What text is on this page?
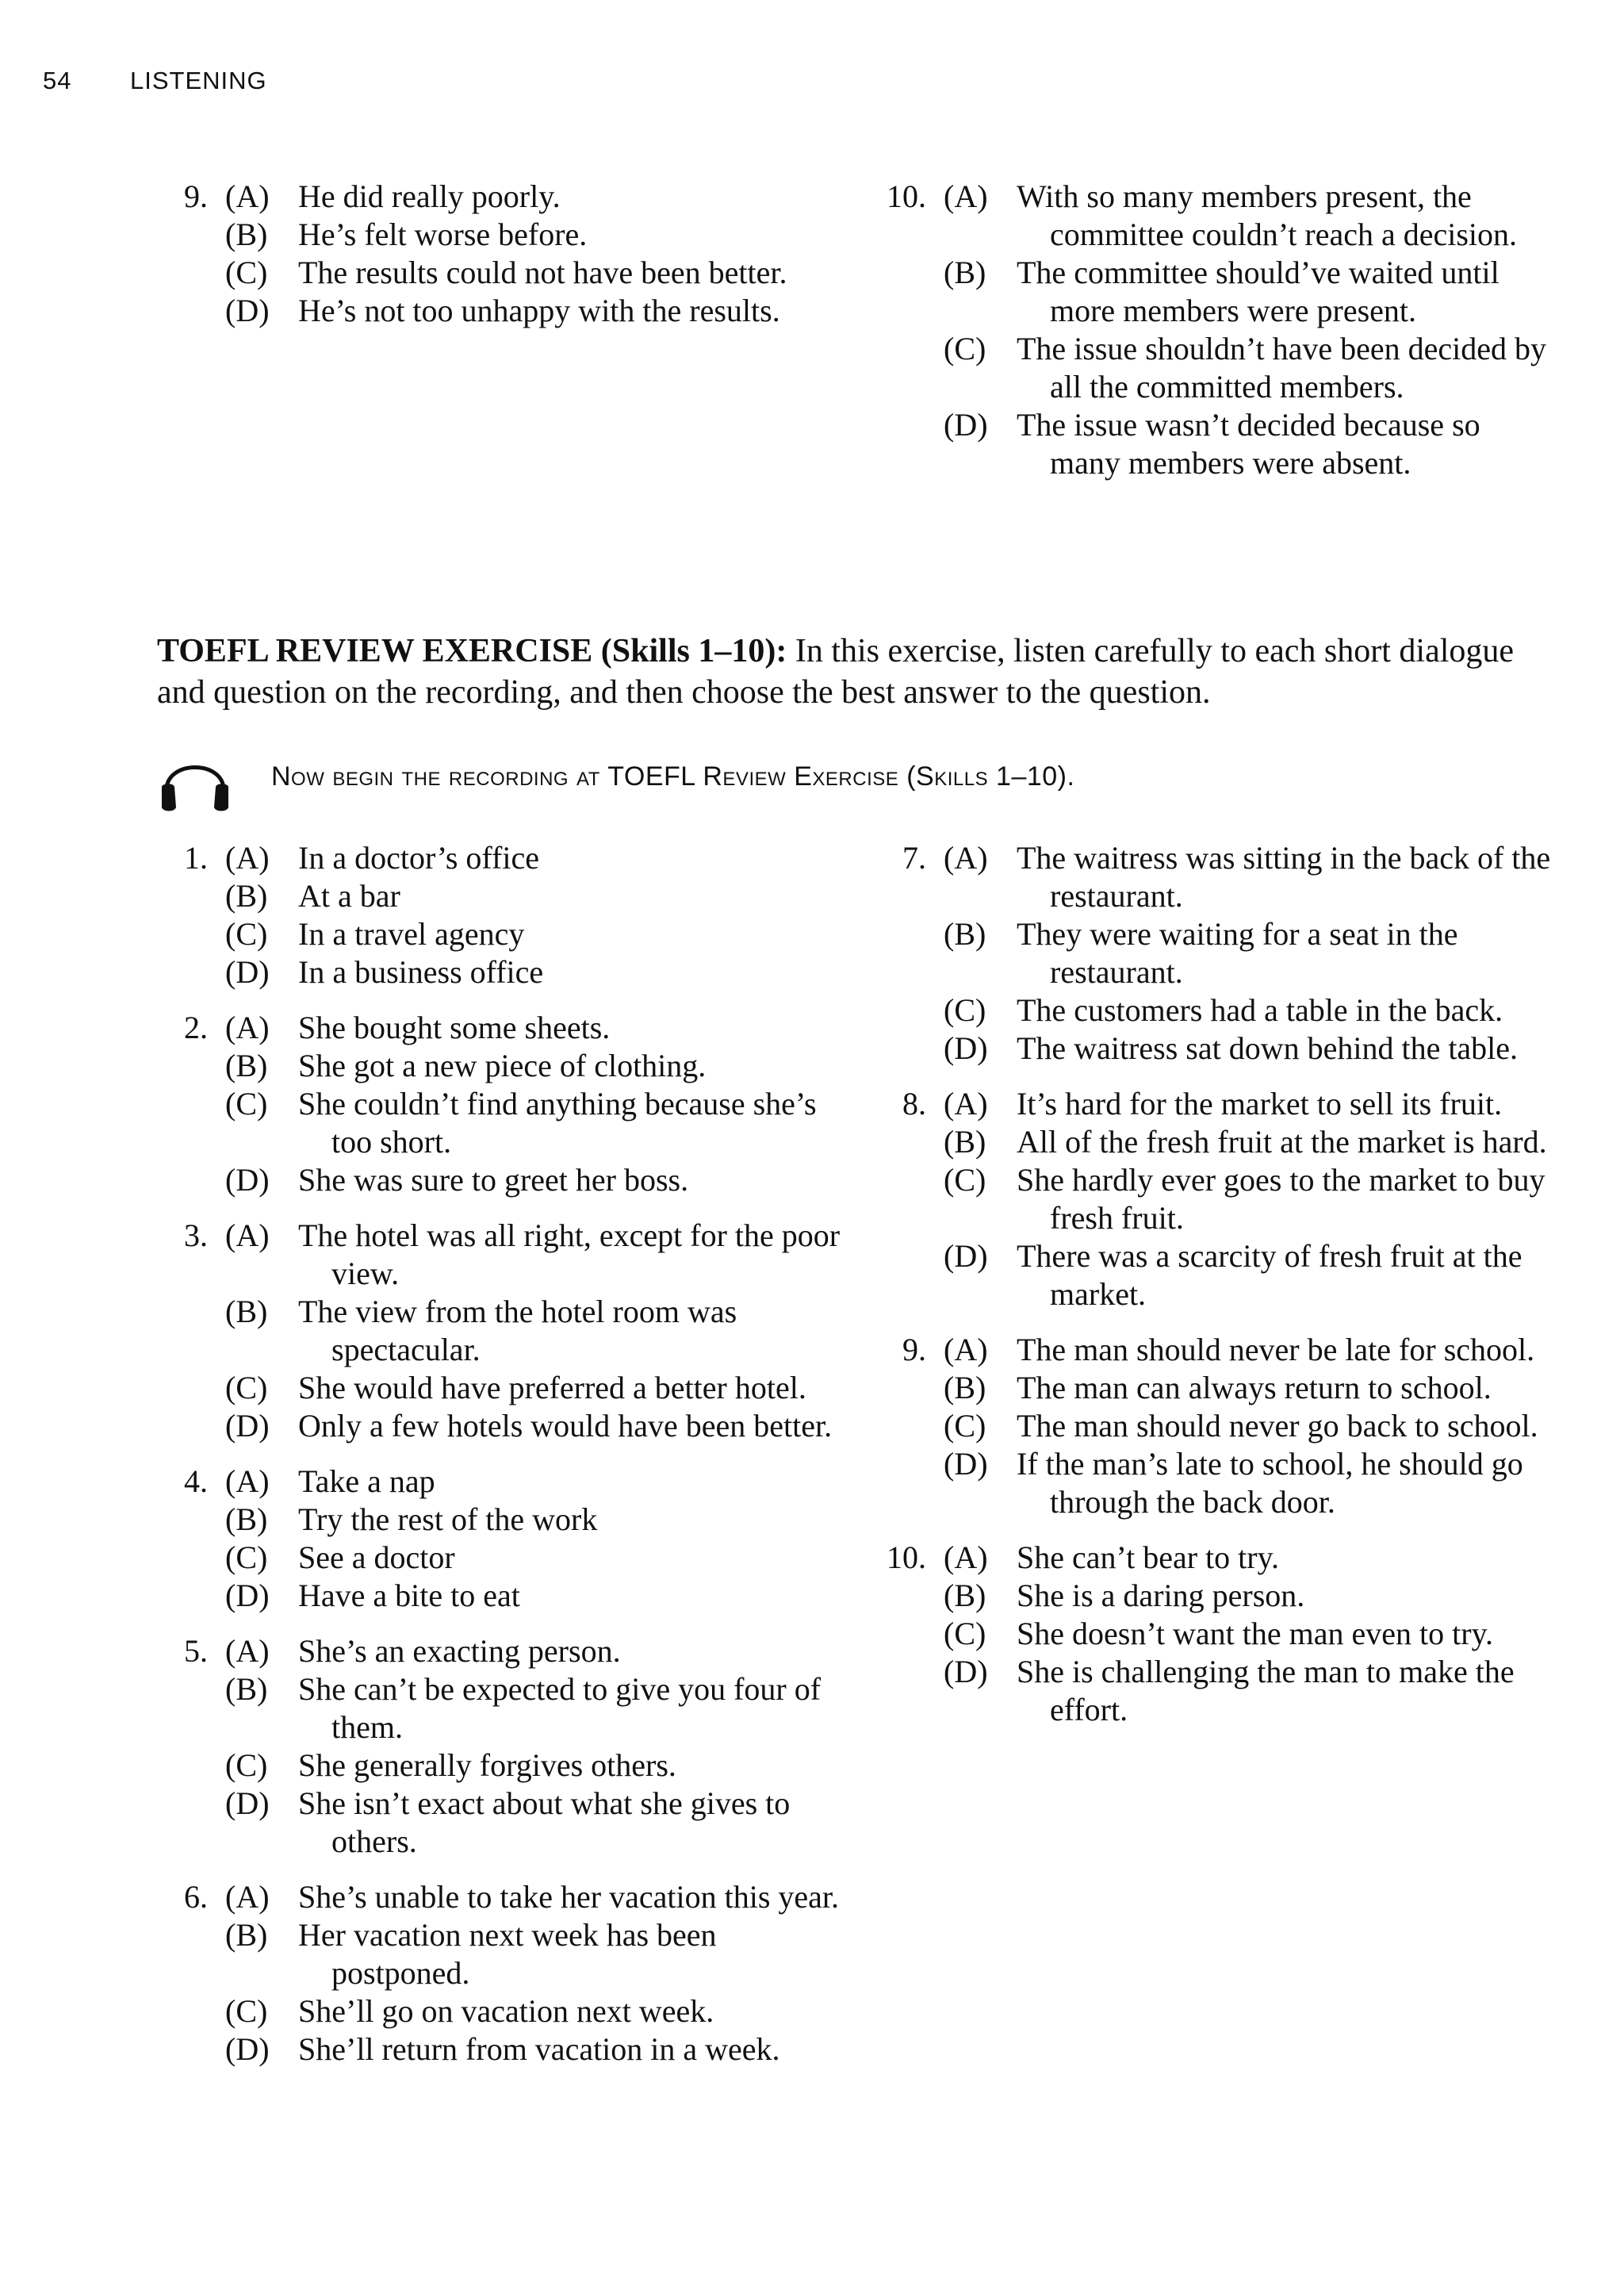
54 LISTENING
9. (A) He did really poorly.
(B) He’s felt worse before.
(C) The results could not have been better.
(D) He’s not too unhappy with the results.
10. (A) With so many members present, the committee couldn’t reach a decision.
(B) The committee should’ve waited until more members were present.
(C) The issue shouldn’t have been decided by all the committed members.
(D) The issue wasn’t decided because so many members were absent.
TOEFL REVIEW EXERCISE (Skills 1–10): In this exercise, listen carefully to each short dialogue and question on the recording, and then choose the best answer to the question.
Now begin the recording at TOEFL Review Exercise (Skills 1–10).
1. (A) In a doctor’s office
(B) At a bar
(C) In a travel agency
(D) In a business office
2. (A) She bought some sheets.
(B) She got a new piece of clothing.
(C) She couldn’t find anything because she’s too short.
(D) She was sure to greet her boss.
3. (A) The hotel was all right, except for the poor view.
(B) The view from the hotel room was spectacular.
(C) She would have preferred a better hotel.
(D) Only a few hotels would have been better.
4. (A) Take a nap
(B) Try the rest of the work
(C) See a doctor
(D) Have a bite to eat
5. (A) She’s an exacting person.
(B) She can’t be expected to give you four of them.
(C) She generally forgives others.
(D) She isn’t exact about what she gives to others.
6. (A) She’s unable to take her vacation this year.
(B) Her vacation next week has been postponed.
(C) She’ll go on vacation next week.
(D) She’ll return from vacation in a week.
7. (A) The waitress was sitting in the back of the restaurant.
(B) They were waiting for a seat in the restaurant.
(C) The customers had a table in the back.
(D) The waitress sat down behind the table.
8. (A) It’s hard for the market to sell its fruit.
(B) All of the fresh fruit at the market is hard.
(C) She hardly ever goes to the market to buy fresh fruit.
(D) There was a scarcity of fresh fruit at the market.
9. (A) The man should never be late for school.
(B) The man can always return to school.
(C) The man should never go back to school.
(D) If the man’s late to school, he should go through the back door.
10. (A) She can’t bear to try.
(B) She is a daring person.
(C) She doesn’t want the man even to try.
(D) She is challenging the man to make the effort.
